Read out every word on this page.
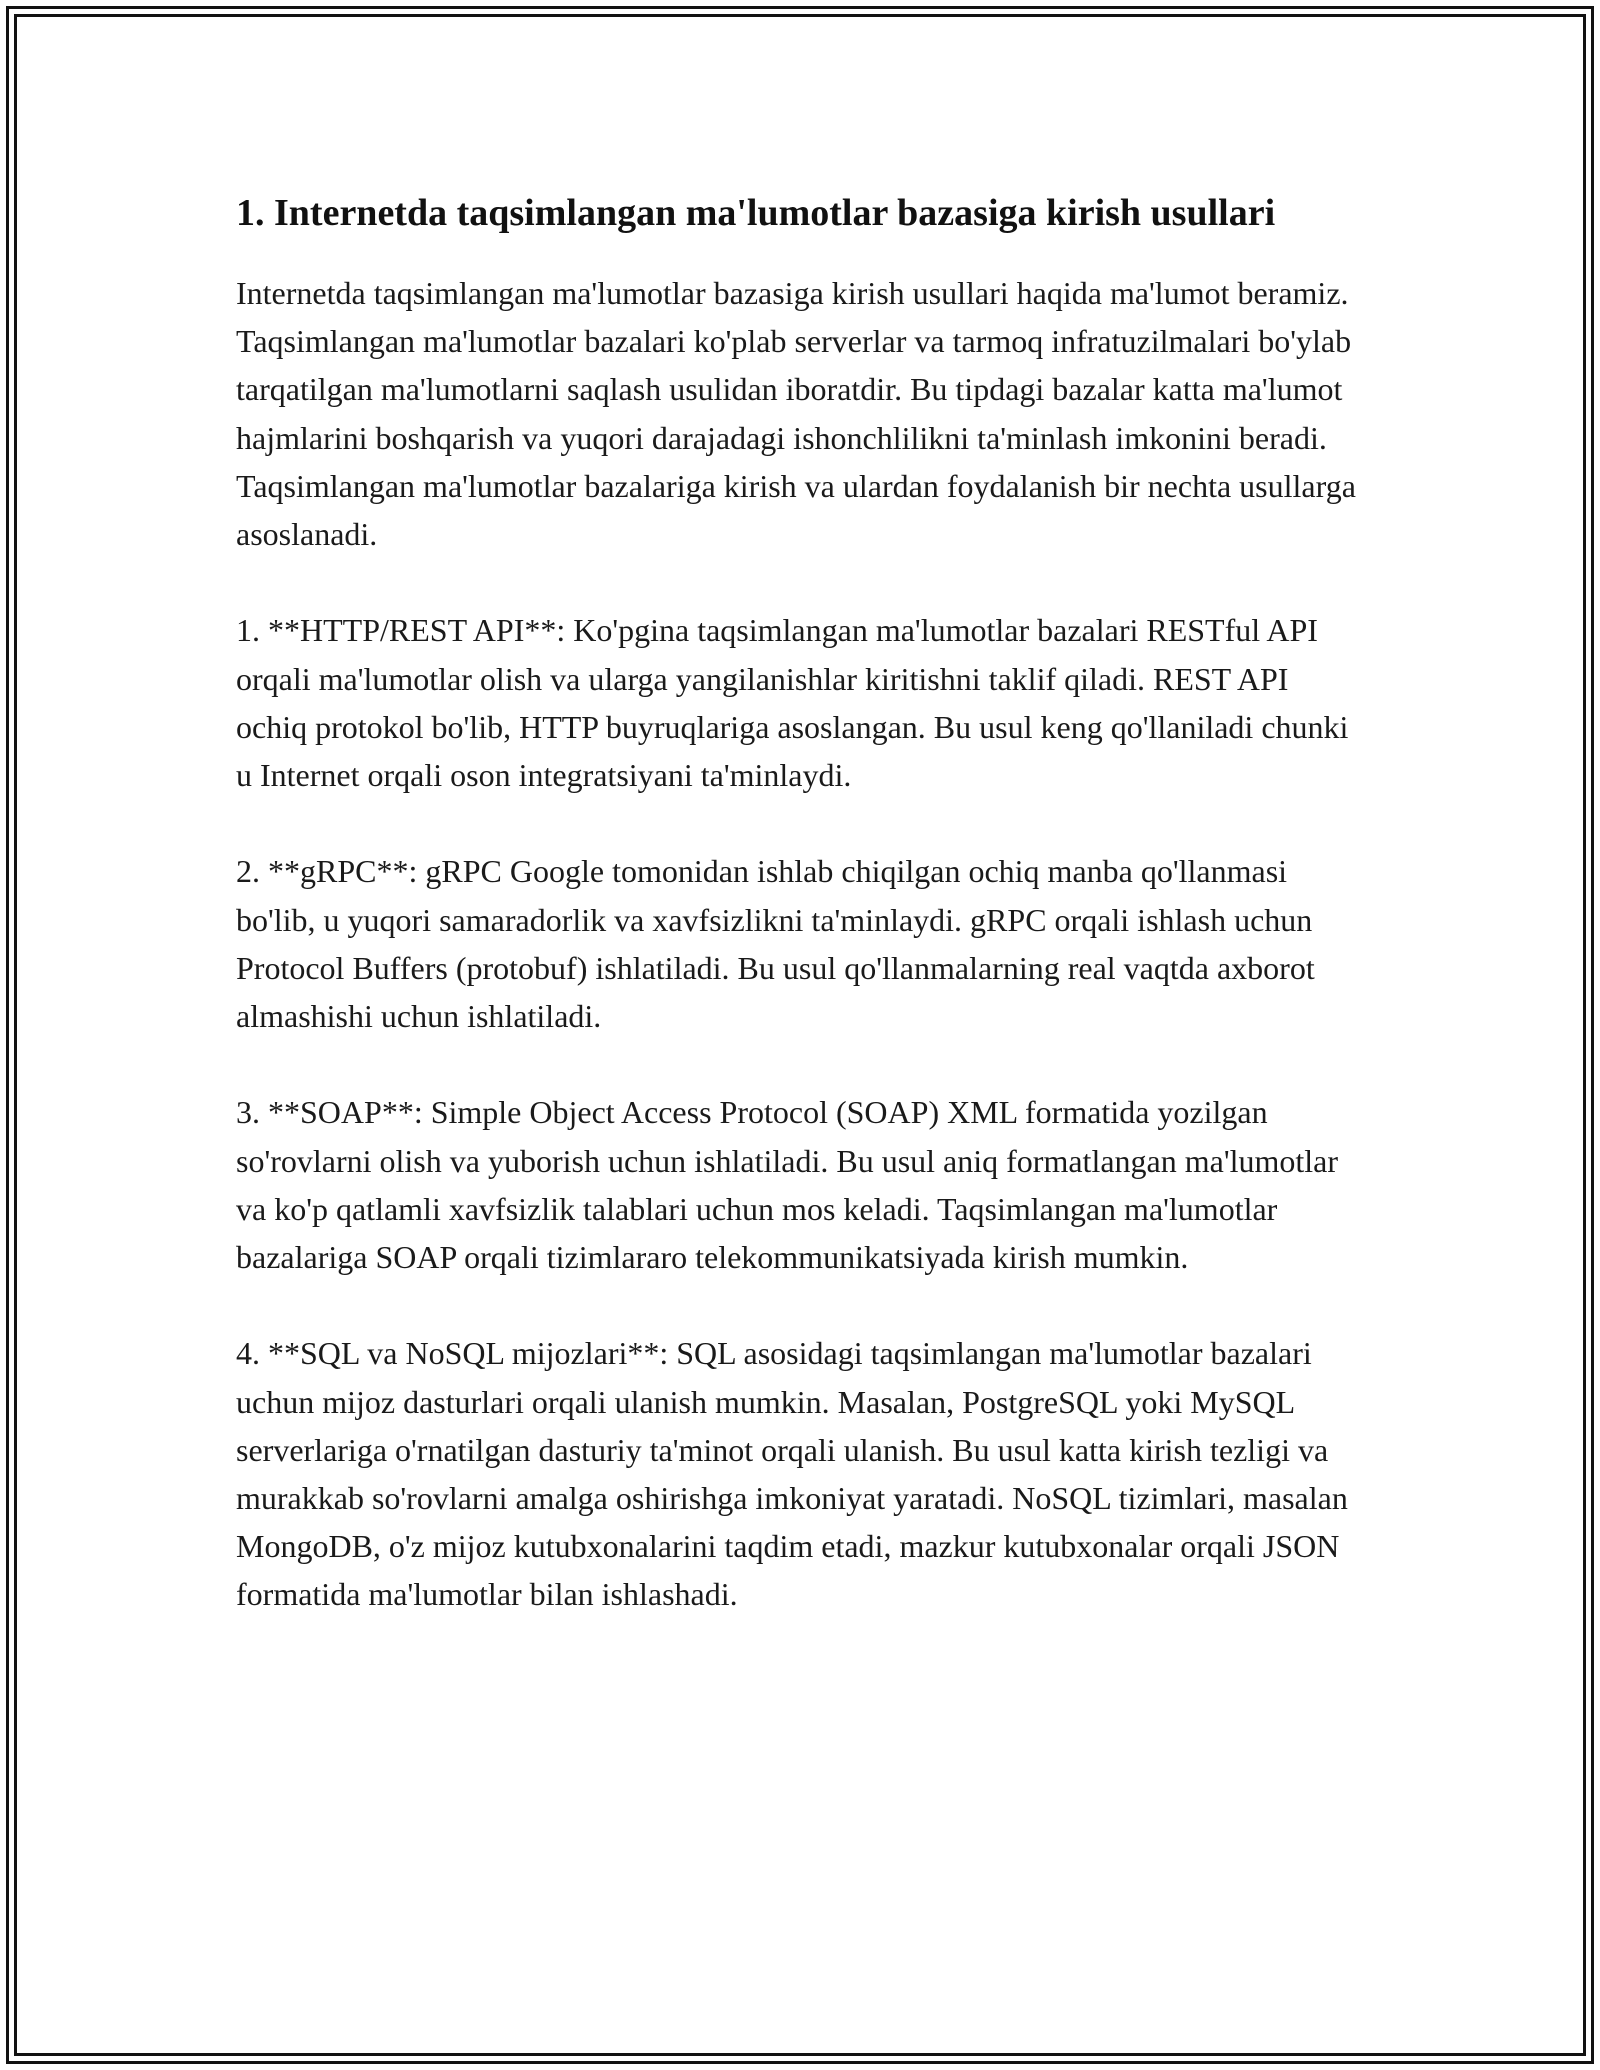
1. Internetda taqsimlangan ma'lumotlar bazasiga kirish usullari

Internetda taqsimlangan ma'lumotlar bazasiga kirish usullari haqida ma'lumot beramiz. Taqsimlangan ma'lumotlar bazalari ko'plab serverlar va tarmoq infratuzilmalari bo'ylab tarqatilgan ma'lumotlarni saqlash usulidan iboratdir. Bu tipdagi bazalar katta ma'lumot hajmlarini boshqarish va yuqori darajadagi ishonchlilikni ta'minlash imkonini beradi. Taqsimlangan ma'lumotlar bazalariga kirish va ulardan foydalanish bir nechta usullarga asoslanadi.

1. **HTTP/REST API**: Ko'pgina taqsimlangan ma'lumotlar bazalari RESTful API orqali ma'lumotlar olish va ularga yangilanishlar kiritishni taklif qiladi. REST API ochiq protokol bo'lib, HTTP buyruqlariga asoslangan. Bu usul keng qo'llaniladi chunki u Internet orqali oson integratsiyani ta'minlaydi.

2. **gRPC**: gRPC Google tomonidan ishlab chiqilgan ochiq manba qo'llanmasi bo'lib, u yuqori samaradorlik va xavfsizlikni ta'minlaydi. gRPC orqali ishlash uchun Protocol Buffers (protobuf) ishlatiladi. Bu usul qo'llanmalarning real vaqtda axborot almashishi uchun ishlatiladi.

3. **SOAP**: Simple Object Access Protocol (SOAP) XML formatida yozilgan so'rovlarni olish va yuborish uchun ishlatiladi. Bu usul aniq formatlangan ma'lumotlar va ko'p qatlamli xavfsizlik talablari uchun mos keladi. Taqsimlangan ma'lumotlar bazalariga SOAP orqali tizimlararo telekommunikatsiyada kirish mumkin.

4. **SQL va NoSQL mijozlari**: SQL asosidagi taqsimlangan ma'lumotlar bazalari uchun mijoz dasturlari orqali ulanish mumkin. Masalan, PostgreSQL yoki MySQL serverlariga o'rnatilgan dasturiy ta'minot orqali ulanish. Bu usul katta kirish tezligi va murakkab so'rovlarni amalga oshirishga imkoniyat yaratadi. NoSQL tizimlari, masalan MongoDB, o'z mijoz kutubxonalarini taqdim etadi, mazkur kutubxonalar orqali JSON formatida ma'lumotlar bilan ishlashadi.
